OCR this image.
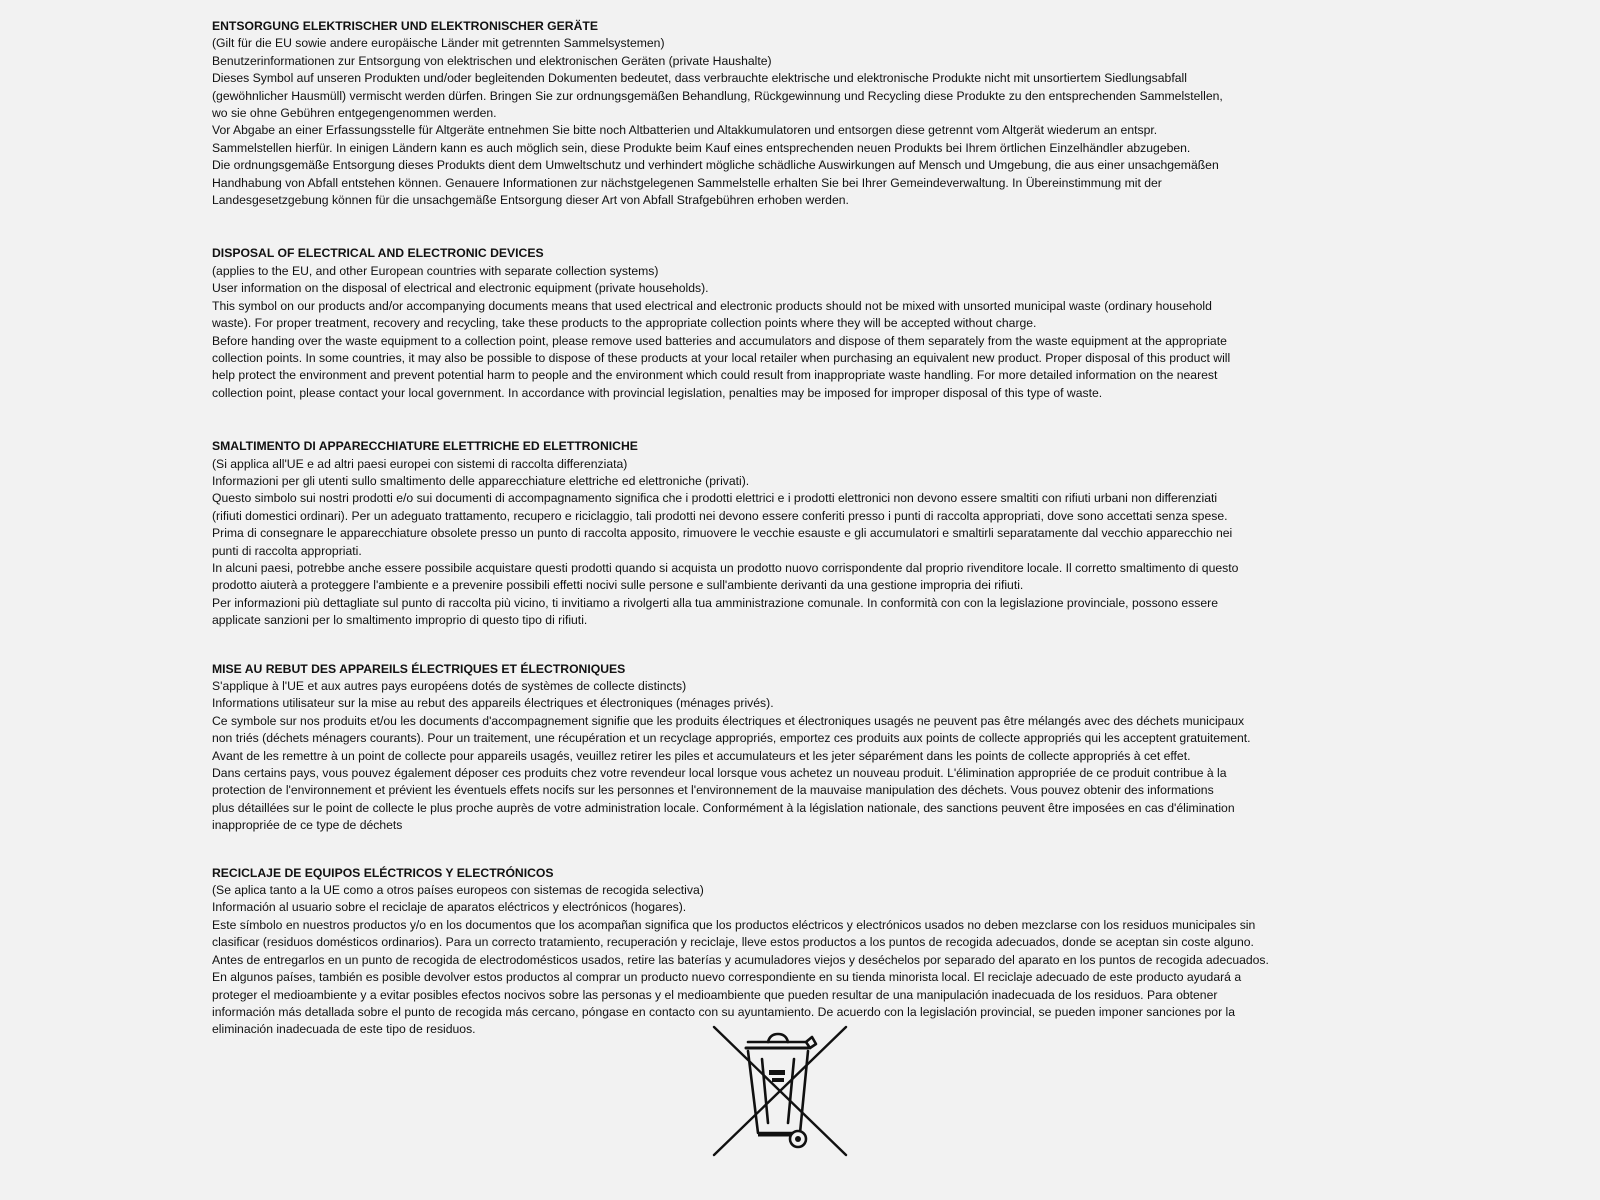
ENTSORGUNG ELEKTRISCHER UND ELEKTRONISCHER GERÄTE
(Gilt für die EU sowie andere europäische Länder mit getrennten Sammelsystemen)
Benutzerinformationen zur Entsorgung von elektrischen und elektronischen Geräten (private Haushalte)
Dieses Symbol auf unseren Produkten und/oder begleitenden Dokumenten bedeutet, dass verbrauchte elektrische und elektronische Produkte nicht mit unsortiertem Siedlungsabfall
(gewöhnlicher Hausmüll) vermischt werden dürfen. Bringen Sie zur ordnungsgemäßen Behandlung, Rückgewinnung und Recycling diese Produkte zu den entsprechenden Sammelstellen,
wo sie ohne Gebühren entgegengenommen werden.
Vor Abgabe an einer Erfassungsstelle für Altgeräte entnehmen Sie bitte noch Altbatterien und Altakkumulatoren und entsorgen diese getrennt vom Altgerät wiederum an entspr.
Sammelstellen hierfür. In einigen Ländern kann es auch möglich sein, diese Produkte beim Kauf eines entsprechenden neuen Produkts bei Ihrem örtlichen Einzelhändler abzugeben.
Die ordnungsgemäße Entsorgung dieses Produkts dient dem Umweltschutz und verhindert mögliche schädliche Auswirkungen auf Mensch und Umgebung, die aus einer unsachgemäßen
Handhabung von Abfall entstehen können. Genauere Informationen zur nächstgelegenen Sammelstelle erhalten Sie bei Ihrer Gemeindeverwaltung. In Übereinstimmung mit der
Landesgesetzgebung können für die unsachgemäße Entsorgung dieser Art von Abfall Strafgebühren erhoben werden.
DISPOSAL OF ELECTRICAL AND ELECTRONIC DEVICES
(applies to the EU, and other European countries with separate collection systems)
User information on the disposal of electrical and electronic equipment (private households).
This symbol on our products and/or accompanying documents means that used electrical and electronic products should not be mixed with unsorted municipal waste (ordinary household
waste). For proper treatment, recovery and recycling, take these products to the appropriate collection points where they will be accepted without charge.
Before handing over the waste equipment to a collection point, please remove used batteries and accumulators and dispose of them separately from the waste equipment at the appropriate
collection points. In some countries, it may also be possible to dispose of these products at your local retailer when purchasing an equivalent new product. Proper disposal of this product will
help protect the environment and prevent potential harm to people and the environment which could result from inappropriate waste handling. For more detailed information on the nearest
collection point, please contact your local government. In accordance with provincial legislation, penalties may be imposed for improper disposal of this type of waste.
SMALTIMENTO DI APPARECCHIATURE ELETTRICHE ED ELETTRONICHE
(Si applica all'UE e ad altri paesi europei con sistemi di raccolta differenziata)
Informazioni per gli utenti sullo smaltimento delle apparecchiature elettriche ed elettroniche (privati).
Questo simbolo sui nostri prodotti e/o sui documenti di accompagnamento significa che i prodotti elettrici e i prodotti elettronici non devono essere smaltiti con rifiuti urbani non differenziati
(rifiuti domestici ordinari). Per un adeguato trattamento, recupero e riciclaggio, tali prodotti nei devono essere conferiti presso i punti di raccolta appropriati, dove sono accettati senza spese.
Prima di consegnare le apparecchiature obsolete presso un punto di raccolta apposito, rimuovere le vecchie esauste e gli accumulatori e smaltirli separatamente dal vecchio apparecchio nei
punti di raccolta appropriati.
In alcuni paesi, potrebbe anche essere possibile acquistare questi prodotti quando si acquista un prodotto nuovo corrispondente dal proprio rivenditore locale. Il corretto smaltimento di questo
prodotto aiuterà a proteggere l'ambiente e a prevenire possibili effetti nocivi sulle persone e sull'ambiente derivanti da una gestione impropria dei rifiuti.
Per informazioni più dettagliate sul punto di raccolta più vicino, ti invitiamo a rivolgerti alla tua amministrazione comunale. In conformità con con la legislazione provinciale, possono essere
applicate sanzioni per lo smaltimento improprio di questo tipo di rifiuti.
MISE AU REBUT DES APPAREILS ÉLECTRIQUES ET ÉLECTRONIQUES
S'applique à l'UE et aux autres pays européens dotés de systèmes de collecte distincts)
Informations utilisateur sur la mise au rebut des appareils électriques et électroniques (ménages privés).
Ce symbole sur nos produits et/ou les documents d'accompagnement signifie que les produits électriques et électroniques usagés ne peuvent pas être mélangés avec des déchets municipaux
non triés (déchets ménagers courants). Pour un traitement, une récupération et un recyclage appropriés, emportez ces produits aux points de collecte appropriés qui les acceptent gratuitement.
Avant de les remettre à un point de collecte pour appareils usagés, veuillez retirer les piles et accumulateurs et les jeter séparément dans les points de collecte appropriés à cet effet.
Dans certains pays, vous pouvez également déposer ces produits chez votre revendeur local lorsque vous achetez un nouveau produit. L'élimination appropriée de ce produit contribue à la
protection de l'environnement et prévient les éventuels effets nocifs sur les personnes et l'environnement de la mauvaise manipulation des déchets. Vous pouvez obtenir des informations
plus détaillées sur le point de collecte le plus proche auprès de votre administration locale. Conformément à la législation nationale, des sanctions peuvent être imposées en cas d'élimination
inappropriée de ce type de déchets
RECICLAJE DE EQUIPOS ELÉCTRICOS Y ELECTRÓNICOS
(Se aplica tanto a la UE como a otros países europeos con sistemas de recogida selectiva)
Información al usuario sobre el reciclaje de aparatos eléctricos y electrónicos (hogares).
Este símbolo en nuestros productos y/o en los documentos que los acompañan significa que los productos eléctricos y electrónicos usados no deben mezclarse con los residuos municipales sin
clasificar (residuos domésticos ordinarios). Para un correcto tratamiento, recuperación y reciclaje, lleve estos productos a los puntos de recogida adecuados, donde se aceptan sin coste alguno.
Antes de entregarlos en un punto de recogida de electrodomésticos usados, retire las baterías y acumuladores viejos y deséchelos por separado del aparato en los puntos de recogida adecuados.
En algunos países, también es posible devolver estos productos al comprar un producto nuevo correspondiente en su tienda minorista local. El reciclaje adecuado de este producto ayudará a
proteger el medioambiente y a evitar posibles efectos nocivos sobre las personas y el medioambiente que pueden resultar de una manipulación inadecuada de los residuos. Para obtener
información más detallada sobre el punto de recogida más cercano, póngase en contacto con su ayuntamiento. De acuerdo con la legislación provincial, se pueden imponer sanciones por la
eliminación inadecuada de este tipo de residuos.
